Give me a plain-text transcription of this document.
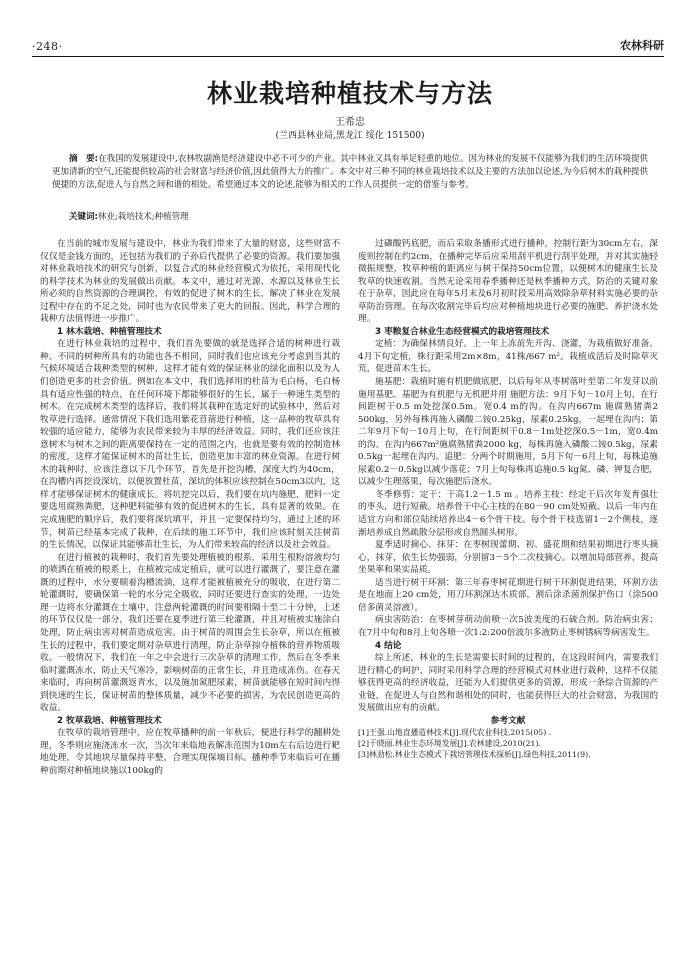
·248·	农林科研
林业栽培种植技术与方法
王希忠
(兰西县林业局,黑龙江 绥化 151500)
摘　要:在我国的发展建设中,农林牧副渔是经济建设中必不可少的产业。其中林业又具有举足轻重的地位。因为林业的发展不仅能够为我们的生活环境提供更加清新的空气,还能提供较高的社会财富与经济价值,因此值得大力的推广。本文中对三种不同的林业栽培技术以及主要的方法加以论述,为今后树木的栽种提供便捷的方法,促进人与自然之间和谐的相处。希望通过本文的论述,能够为相关的工作人员提供一定的借鉴与参考。
关键词:林业;栽培技术;种植管理

在当前的城市发展与建设中，林业为我们带来了大量的财富，这些财富不仅仅是金钱方面的，还包括为我们的子孙后代提供了必要的资源。我们要加强对林业栽培技术的研究与创新，以复合式的林业经营模式为依托，采用现代化的科学技术为林业的发展做出贡献。本文中，通过对光源、水源以及林业生长所必须的自然资源的合理调控，有效的促进了树木的生长，解决了林业在发展过程中存在的不足之处，同时也为农民带来了更大的回报。因此，科学合理的栽种方法值得进一步推广。

1 林木栽培、种植管理技术

在进行林业栽培的过程中，我们首先要做的就是选择合适的树种进行栽种。不同的树种所具有的功能也各不相同，同时我们也应该充分考虑到当其的气候环境适合栽种类型的树种，这样才能有效的保证林业的绿化面积以及为人们创造更多的社会价值。例如在本文中，我们选择用的杜苗为毛白杨，毛白杨具有适应性强的特点，在任何环境下都能够很好的生长，属于一种速生类型的树木。在完成树木类型的选择后，我们将其栽种在选定好的试验林中，然后对牧草进行选择。通常情况下我们选用紫花苜蓿进行种植，这一品种的牧草具有较强的适应能力，能够为农民带来较为丰厚的经济效益。同时，我们还应该注意树木与树木之间的距离要保持在一定的范围之内，也就是要有效的控制造林的密度，这样才能保证树木的苗壮生长，创造更加丰富的林业资源。在进行树木的栽种时，应该注意以下几个环节，首先是开挖沟槽，深度大约为40cm，在沟槽内再挖设深坑，以便放置杜苗，深坑的体积应该控制在50cm3以内，这样才能够保证树木的健康成长。将坑挖完以后，我们要在坑内施肥，肥料一定要选用腐熟粪肥，这种肥料能够有效的促进树木的生长，具有显著的效果。在完成施肥的顺序后，我们要将深坑填平，并且一定要保持均匀，通过上述的环节，树苗已经基本完成了栽种，在后续的施工环节中，我们应该时刻关注树苗的生长情况，以保证其能够苗壮生长，为人们带来较高的经济以及社会效益。

在进行植被的栽种时，我们首先要处理植被的根系，采用生根粉溶液均匀的喷洒在植被的根系上，在植被完成定植后，就可以进行灌溉了，要注意在灌溉的过程中，水分要顺着沟槽流淌，这样才能被植被充分的吸收，在进行第二轮灌溉时，要确保第一轮的水分完全吸收，同时还要进行查实的处理，一边处理一边将水分灌溉在土壤中，注意两轮灌溉的时间要相隔十至二十分钟，上述的环节仅仅是一部分，我们还要在夏季进行第三轮灌溉，并且对植被实施涂白处理，防止病虫害对树苗造成危害。由于树苗的周围会生长杂草，所以在植被生长的过程中，我们要定期对杂草进行清理，防止杂草掠夺植株的营养物质吸收。一般情况下，我们在一年之中会进行三次杂草的清理工作，然后在冬季来临时灌溉冻水，防止天气寒冷，影响树苗的正常生长，并且造成冻伤。在春天来临时，再向树苗灌溉返青水，以及施加氮肥尿素，树苗就能够在短时间内得到快速的生长，保证树苗的整体质量，减少不必要的损害，为农民创造更高的收益。

2 牧草栽培、种植管理技术

在牧草的栽培管理中，应在牧草播种的前一年秋后，便进行科学的翻耕处理，冬季则应施浇冻水一次，当次年来临地表解冻范围为10m左右后边进行耙地处理，令其地块尽量保持平整，合理实现保墒目标。播种季节来临后可在播种前期对种植地块施以100kg的

过磷酸钙底肥，而后采取条播形式进行播种，控制行距为30cm左右，深度则控制在约2cm，在播种完毕后应采用刮平机进行刮平处理，并对其实施轻微振规整，牧草种植的距离应与树干保持50cm位置，以便树木的健康生长及牧草的快速收割。当然无论采用春季播种还是秋季播种方式，防治的关键对象在于杂草，因此应在每年5月末及6月初时段采用高效除杂草材料实施必要的杂草防治管理。在每次收割完毕后均应对种植地块进行必要的施肥、养护浇水处理。

3 枣粮复合林业生态经营模式的栽培管理技术

定植：为确保林情良好。上一年上冻前先开沟、浇灌，为栽植做好准备。4月下旬定植，株行距采用2m×8m，41株/667 m²。栽植成活后及时除草灭荒，促进苗木生长。

施基肥：栽植时施有机肥做底肥，以后每年从枣树落叶至第二年发芽以前施用基肥。基肥为有机肥与无机肥并用 施肥方法：9月下旬－10月上旬，在行间距树干0.5 m处挖深0.5m。宽0.4 m的沟。在沟内667m 施腐熟猪粪2 500kg，另外每株再施入磷酸二铵0.25kg，尿素0.25kg，一起埋在沟内；第二年9月下旬－10月上旬，在行间距树干0.8－1m处挖深0.5－1m，宽0.4m的沟。在沟内667m²施腐熟猪粪2000 kg，每株再施入磷酸二铵0.5kg，尿素0.5kg一起埋在沟内。追肥：分两个时期施用，5月下旬－6月上旬，每株追施尿素0.2－0.5kg以减少落花；7月上旬每株再追施0.5 kg氮、磷、钾复合肥，以减少生理落果，每次施肥后浇水。

冬季修剪：定干：干高1.2－1.5 m 。培养主枝：经定干后次年发育强壮的枣头，进行短截。培养骨干中心主枝的在80－90 cm处短截。以后一年内在适宜方向和部位陆续培养出4－6个骨干枝。每个骨干枝选留1－2个侧枝，逐渐培养成自然疏散分层形或自然圆头树形。

夏季适时摘心、抹芽：在枣树现蕾期、初、盛花期和结果初期进行枣头摘心，抹芽，依生长势强弱，分别留3－5个二次枝摘心。以增加局部营养，提高坐果率和果实品质。

适当进行树干环割：第三年春枣树花期进行树干环割促进结果，环割方法是在地面上20 cm处，用刀环割深达木质部，割后涂杀菌剂保护伤口（涂500倍多菌灵溶液）。

病虫害防治：在枣树芽萌动前喷一次5波美度的石硫合剂。防治病虫害；在7月中旬和8月上旬各喷一次1:2:200倍波尔多液防止枣树锈病等病害发生。

4 结论

综上所述，林业的生长是需要长时间的过程的，在这段时间内，需要我们进行精心的呵护，同时采用科学合理的经营模式对林业进行栽种，这样不仅能够获得更高的经济收益，还能为人们提供更多的资源，形成一条综合资源的产业链，在促进人与自然和谐相处的同时，也能获得巨大的社会财富，为我国的发展做出应有的贡献。

参考文献
[1]王强.山地直播造林技术[J].现代农业科技,2015(05) .
[2]于晓丽.林业生态环境发展[J].农林建设,2010(21).
[3]林劲松.林业生态模式下栽培管理技术探析[J].绿色科技,2011(9).
